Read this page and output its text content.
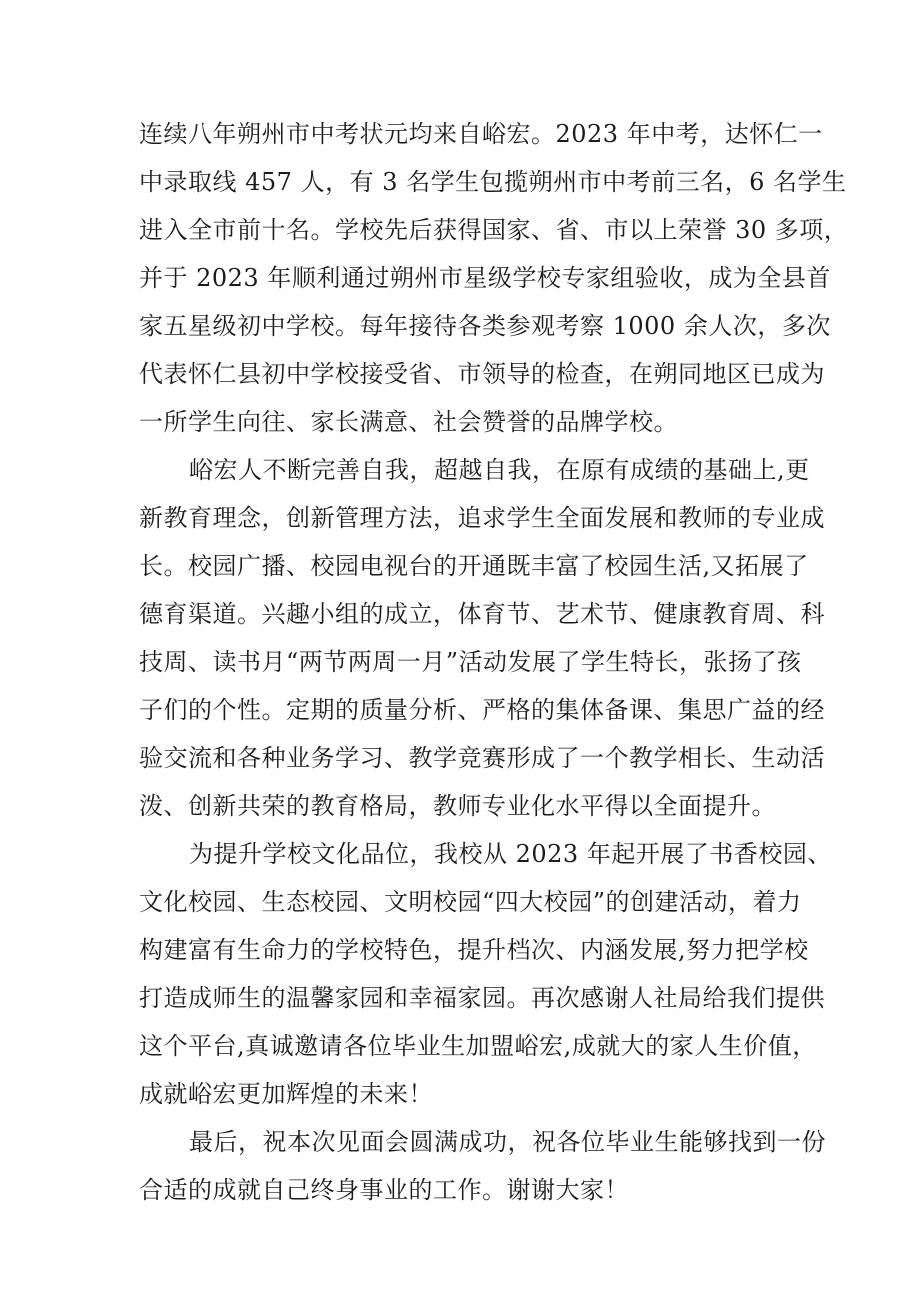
连续八年朔州市中考状元均来自峪宏。2023 年中考，达怀仁一
中录取线 457 人，有 3 名学生包揽朔州市中考前三名，6 名学生
进入全市前十名。学校先后获得国家、省、市以上荣誉 30 多项，
并于 2023 年顺利通过朔州市星级学校专家组验收，成为全县首
家五星级初中学校。每年接待各类参观考察 1000 余人次，多次
代表怀仁县初中学校接受省、市领导的检查，在朔同地区已成为
一所学生向往、家长满意、社会赞誉的品牌学校。
峪宏人不断完善自我，超越自我，在原有成绩的基础上,更
新教育理念，创新管理方法，追求学生全面发展和教师的专业成
长。校园广播、校园电视台的开通既丰富了校园生活,又拓展了
德育渠道。兴趣小组的成立，体育节、艺术节、健康教育周、科
技周、读书月“两节两周一月”活动发展了学生特长，张扬了孩
子们的个性。定期的质量分析、严格的集体备课、集思广益的经
验交流和各种业务学习、教学竞赛形成了一个教学相长、生动活
泼、创新共荣的教育格局，教师专业化水平得以全面提升。
为提升学校文化品位，我校从 2023 年起开展了书香校园、
文化校园、生态校园、文明校园“四大校园”的创建活动，着力
构建富有生命力的学校特色，提升档次、内涵发展,努力把学校
打造成师生的温馨家园和幸福家园。再次感谢人社局给我们提供
这个平台,真诚邀请各位毕业生加盟峪宏,成就大的家人生价值，
成就峪宏更加辉煌的未来！
最后，祝本次见面会圆满成功，祝各位毕业生能够找到一份
合适的成就自己终身事业的工作。谢谢大家！
